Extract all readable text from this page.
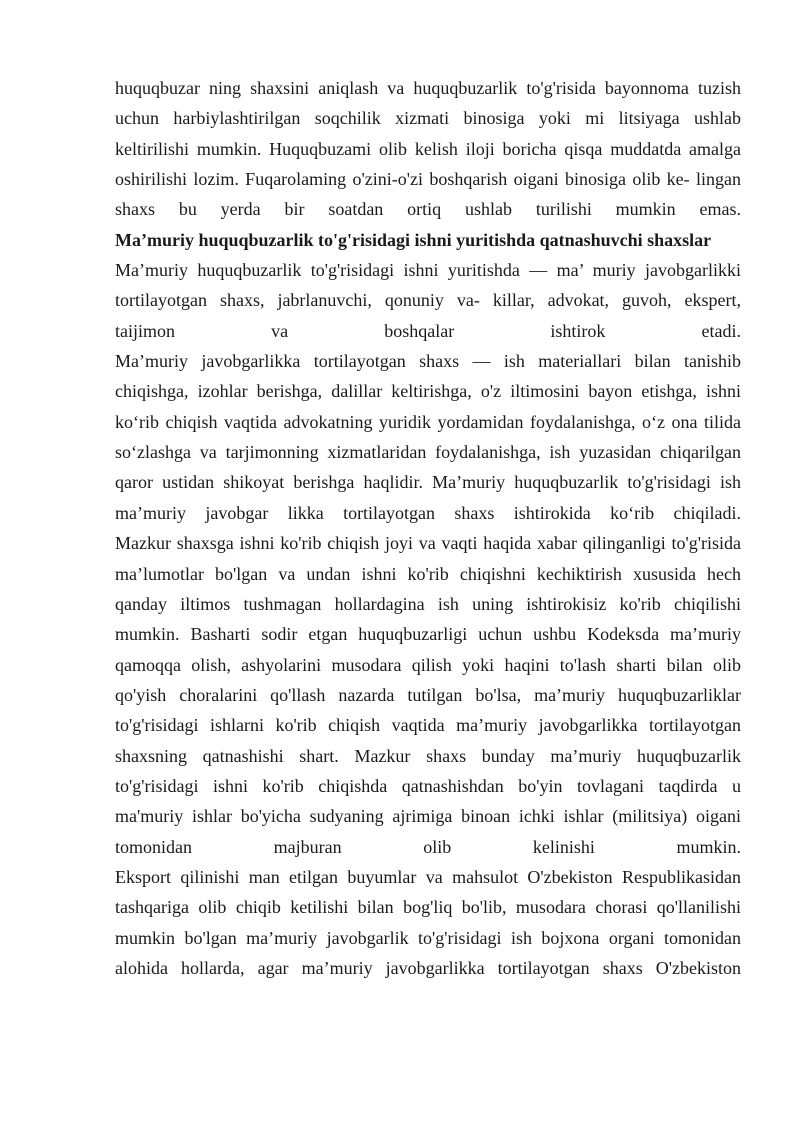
huquqbuzar ning shaxsini aniqlash va huquqbuzarlik to'g'risida bayonnoma tuzish
uchun harbiylashtirilgan soqchilik xizmati binosiga yoki mi litsiyaga ushlab
keltirilishi mumkin. Huquqbuzami olib kelish iloji boricha qisqa muddatda amalga
oshirilishi lozim. Fuqarolaming o'zini-o'zi boshqarish oigani binosiga olib ke- lingan
shaxs bu yerda bir soatdan ortiq ushlab turilishi mumkin emas.
Ma’muriy huquqbuzarlik to'g'risidagi ishni yuritishda qatnashuvchi shaxslar
Ma’muriy huquqbuzarlik to'g'risidagi ishni yuritishda — ma’ muriy javobgarlikki
tortilayotgan shaxs, jabrlanuvchi, qonuniy va- killar, advokat, guvoh, ekspert,
taijimon va boshqalar ishtirok etadi.
Ma’muriy javobgarlikka tortilayotgan shaxs — ish materiallari bilan tanishib
chiqishga, izohlar berishga, dalillar keltirishga, o'z iltimosini bayon etishga, ishni
ko‘rib chiqish vaqtida advokatning yuridik yordamidan foydalanishga, o‘z ona tilida
so‘zlashga va tarjimonning xizmatlaridan foydalanishga, ish yuzasidan chiqarilgan
qaror ustidan shikoyat berishga haqlidir. Ma’muriy huquqbuzarlik to'g'risidagi ish
ma’muriy javobgar likka tortilayotgan shaxs ishtirokida ko‘rib chiqiladi.
Mazkur shaxsga ishni ko'rib chiqish joyi va vaqti haqida xabar qilinganligi to'g'risida
ma’lumotlar bo'lgan va undan ishni ko'rib chiqishni kechiktirish xususida hech
qanday iltimos tushmagan hollardagina ish uning ishtirokisiz ko'rib chiqilishi
mumkin. Basharti sodir etgan huquqbuzarligi uchun ushbu Kodeksda ma’muriy
qamoqqa olish, ashyolarini musodara qilish yoki haqini to'lash sharti bilan olib
qo'yish choralarini qo'llash nazarda tutilgan bo'lsa, ma’muriy huquqbuzarliklar
to'g'risidagi ishlarni ko'rib chiqish vaqtida ma’muriy javobgarlikka tortilayotgan
shaxsning qatnashishi shart. Mazkur shaxs bunday ma’muriy huquqbuzarlik
to'g'risidagi ishni ko'rib chiqishda qatnashishdan bo'yin tovlagani taqdirda u
ma'muriy ishlar bo'yicha sudyaning ajrimiga binoan ichki ishlar (militsiya) oigani
tomonidan majburan olib kelinishi mumkin.
Eksport qilinishi man etilgan buyumlar va mahsulot O'zbekiston Respublikasidan
tashqariga olib chiqib ketilishi bilan bog'liq bo'lib, musodara chorasi qo'llanilishi
mumkin bo'lgan ma’muriy javobgarlik to'g'risidagi ish bojxona organi tomonidan
alohida hollarda, agar ma’muriy javobgarlikka tortilayotgan shaxs O'zbekiston
